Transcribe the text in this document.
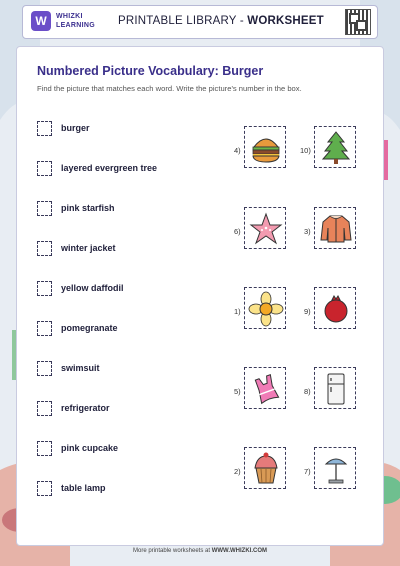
W	WHIZKI
LEARNING PRINTABLE LIBRARY - WORKSHEET
Numbered Picture Vocabulary: Burger
Find the picture that matches each word. Write the picture's number in the box.
burger
layered evergreen tree
pink starfish
winter jacket
yellow daffodil
pomegranate
swimsuit
refrigerator
pink cupcake
table lamp
4)
6)
1)
5)
2)
10)
3)
9)
8)
7)
More printable worksheets at WWW.WHIZKI.COM
